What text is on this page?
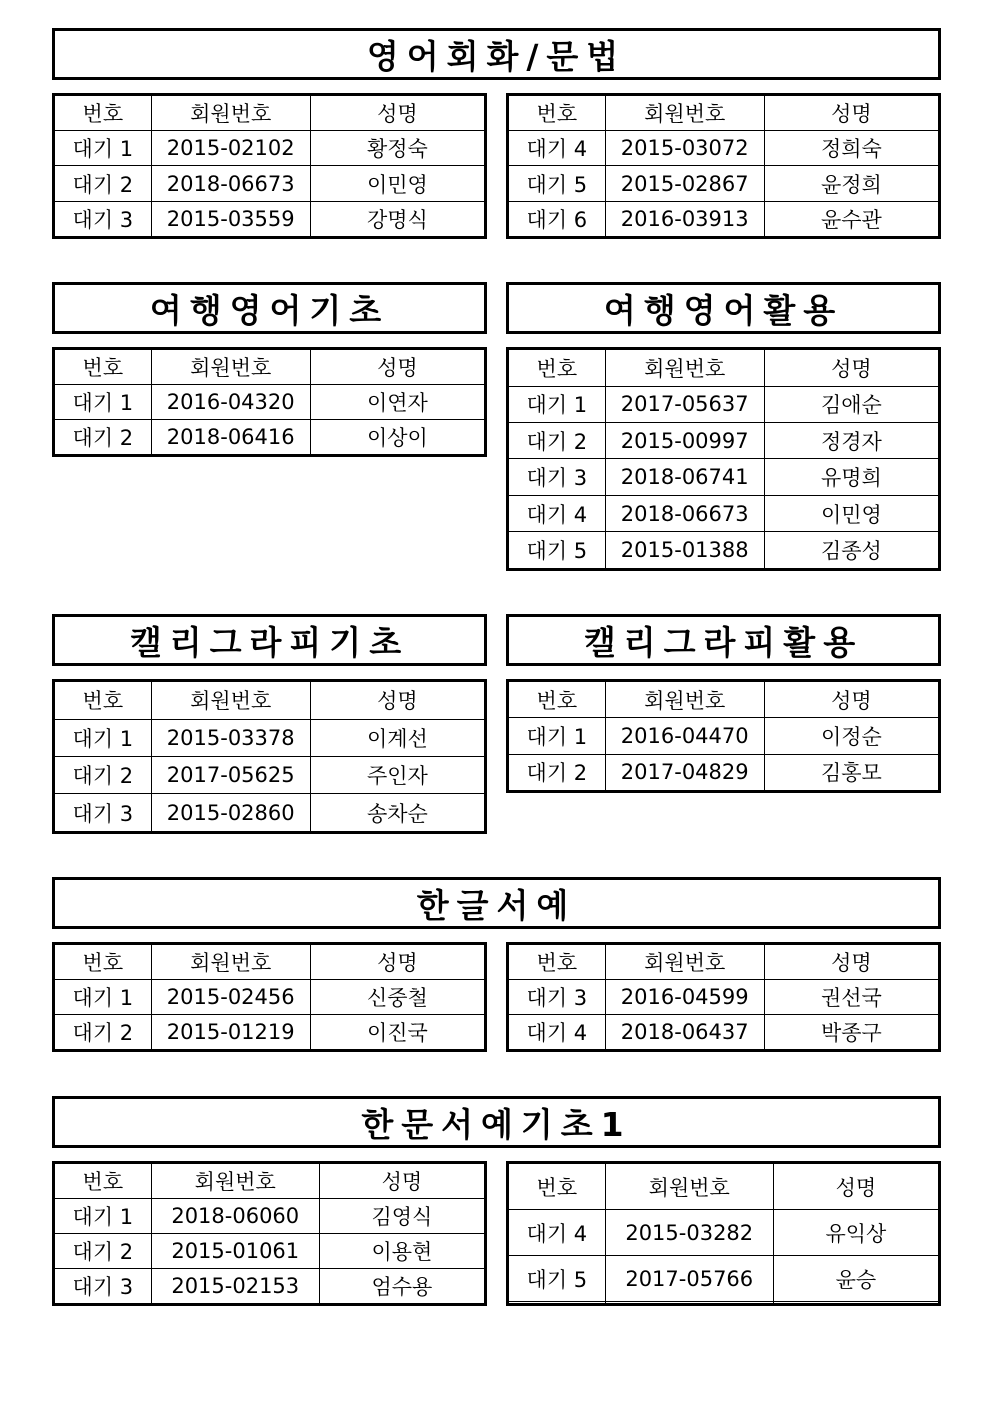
영어회화/문법
번호	회원번호	성명
대기 1	2015-02102	황정숙
대기 2	2018-06673	이민영
대기 3	2015-03559	강명식
번호	회원번호	성명
대기 4	2015-03072	정희숙
대기 5	2015-02867	윤정희
대기 6	2016-03913	윤수관
여행영어기초	여행영어활용
번호	회원번호	성명
대기 1	2016-04320	이연자
대기 2	2018-06416	이상이
번호	회원번호	성명
대기 1	2017-05637	김애순
대기 2	2015-00997	정경자
대기 3	2018-06741	유명희
대기 4	2018-06673	이민영
대기 5	2015-01388	김종성
캘리그라피기초	캘리그라피활용
번호	회원번호	성명
대기 1	2015-03378	이계선
대기 2	2017-05625	주인자
대기 3	2015-02860	송차순
번호	회원번호	성명
대기 1	2016-04470	이정순
대기 2	2017-04829	김홍모
한글서예
번호	회원번호	성명
대기 1	2015-02456	신중철
대기 2	2015-01219	이진국
번호	회원번호	성명
대기 3	2016-04599	권선국
대기 4	2018-06437	박종구
한문서예기초1
번호	회원번호	성명
대기 1	2018-06060	김영식
대기 2	2015-01061	이용현
대기 3	2015-02153	엄수용
번호	회원번호	성명
대기 4	2015-03282	유익상
대기 5	2017-05766	윤승
